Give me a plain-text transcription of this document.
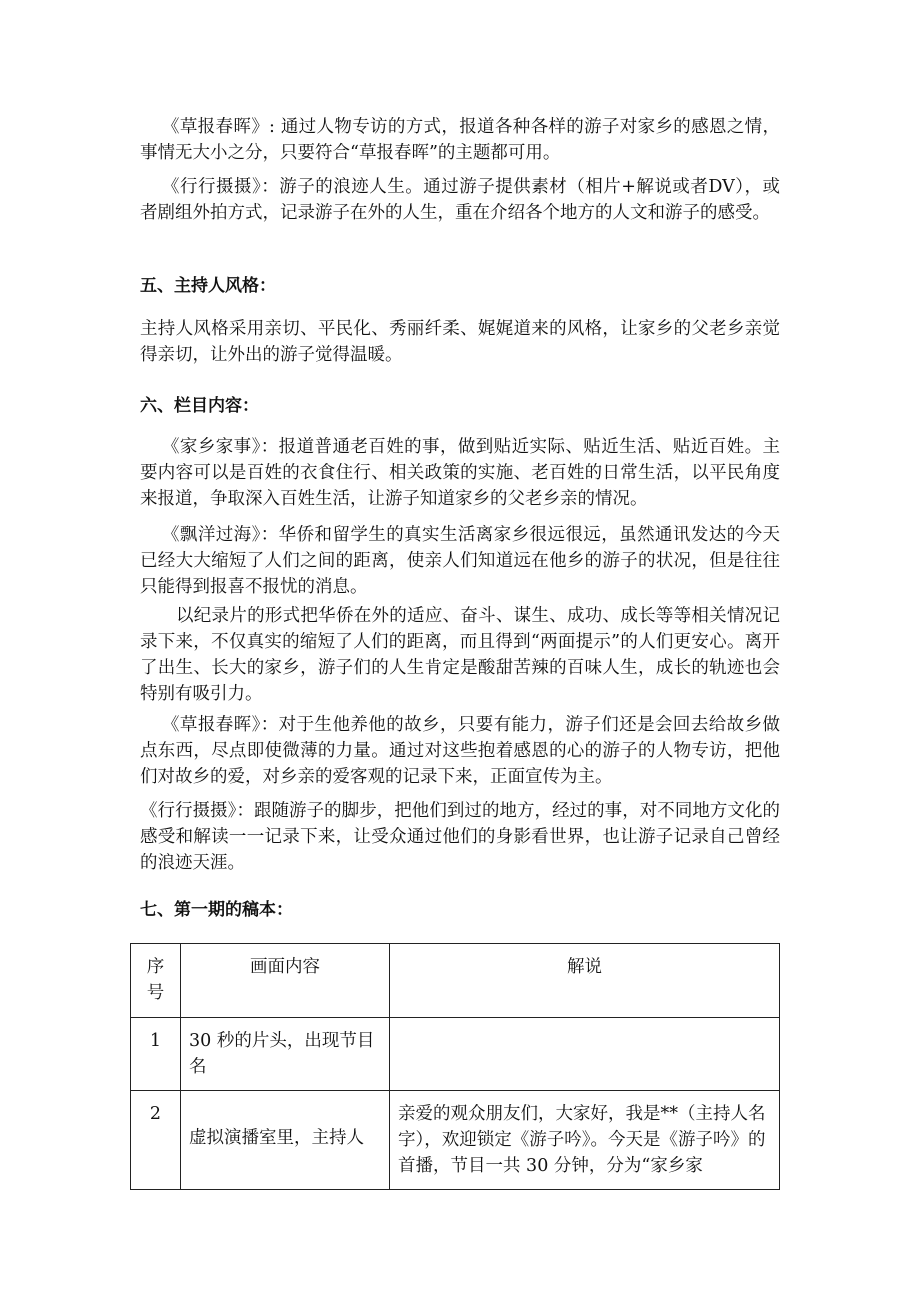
《草报春晖》: 通过人物专访的方式，报道各种各样的游子对家乡的感恩之情，事情无大小之分，只要符合“草报春晖”的主题都可用。

《行行摄摄》：游子的浪迹人生。通过游子提供素材（相片+解说或者DV），或者剧组外拍方式，记录游子在外的人生，重在介绍各个地方的人文和游子的感受。

五、主持人风格：

主持人风格采用亲切、平民化、秀丽纤柔、娓娓道来的风格，让家乡的父老乡亲觉得亲切，让外出的游子觉得温暖。

六、栏目内容：

《家乡家事》：报道普通老百姓的事，做到贴近实际、贴近生活、贴近百姓。主要内容可以是百姓的衣食住行、相关政策的实施、老百姓的日常生活，以平民角度来报道，争取深入百姓生活，让游子知道家乡的父老乡亲的情况。

《飘洋过海》：华侨和留学生的真实生活离家乡很远很远，虽然通讯发达的今天已经大大缩短了人们之间的距离，使亲人们知道远在他乡的游子的状况，但是往往只能得到报喜不报忧的消息。

以纪录片的形式把华侨在外的适应、奋斗、谋生、成功、成长等等相关情况记录下来，不仅真实的缩短了人们的距离，而且得到“两面提示”的人们更安心。离开了出生、长大的家乡，游子们的人生肯定是酸甜苦辣的百味人生，成长的轨迹也会特别有吸引力。

《草报春晖》：对于生他养他的故乡，只要有能力，游子们还是会回去给故乡做点东西，尽点即使微薄的力量。通过对这些抱着感恩的心的游子的人物专访，把他们对故乡的爱，对乡亲的爱客观的记录下来，正面宣传为主。

《行行摄摄》：跟随游子的脚步，把他们到过的地方，经过的事，对不同地方文化的感受和解读一一记录下来，让受众通过他们的身影看世界，也让游子记录自己曾经的浪迹天涯。

七、第一期的稿本：
序号	画面内容	解说
1	30 秒的片头，出现节目名	
2	虚拟演播室里，主持人	亲爱的观众朋友们，大家好，我是**（主持人名字），欢迎锁定《游子吟》。今天是《游子吟》的首播，节目一共 30 分钟，分为“家乡家
